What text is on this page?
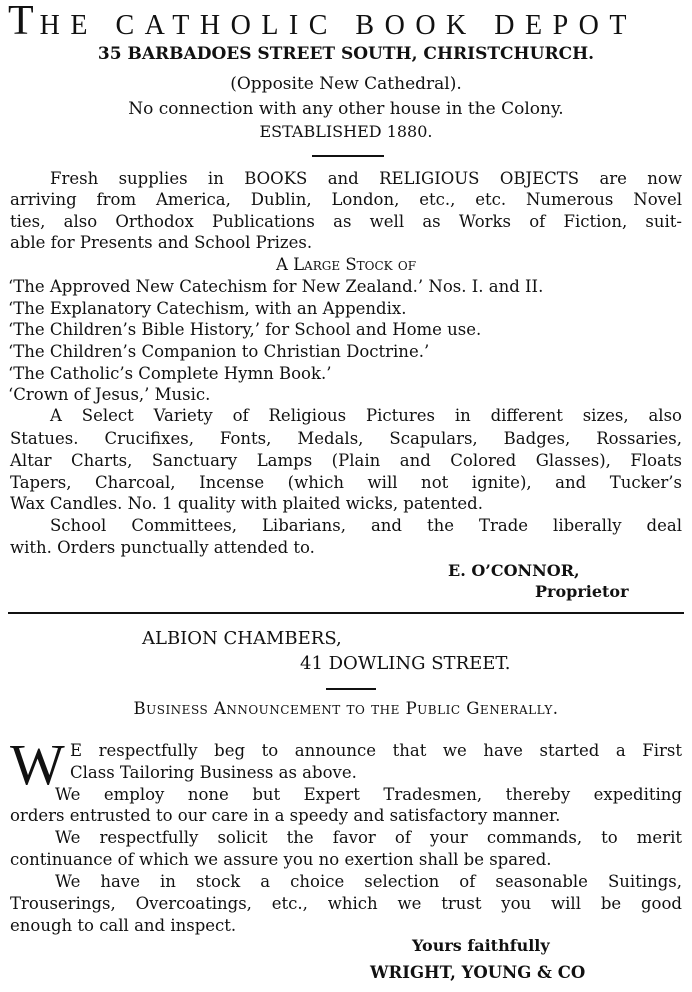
THE CATHOLIC BOOK DEPOT
35 BARBADOES STREET SOUTH, CHRISTCHURCH.
(Opposite New Cathedral).
No connection with any other house in the Colony.
ESTABLISHED 1880.
Fresh supplies in BOOKS and RELIGIOUS OBJECTS are now
arriving from America, Dublin, London, etc., etc. Numerous Novel
ties, also Orthodox Publications as well as Works of Fiction, suit-
able for Presents and School Prizes.
A Large Stock of
‘The Approved New Catechism for New Zealand.’ Nos. I. and II.
‘The Explanatory Catechism, with an Appendix.
‘The Children’s Bible History,’ for School and Home use.
‘The Children’s Companion to Christian Doctrine.’
‘The Catholic’s Complete Hymn Book.’
‘Crown of Jesus,’ Music.
A Select Variety of Religious Pictures in different sizes, also
Statues. Crucifixes, Fonts, Medals, Scapulars, Badges, Rossaries,
Altar Charts, Sanctuary Lamps (Plain and Colored Glasses), Floats
Tapers, Charcoal, Incense (which will not ignite), and Tucker’s
Wax Candles. No. 1 quality with plaited wicks, patented.
School Committees, Libarians, and the Trade liberally deal
with. Orders punctually attended to.
E. O’CONNOR,
Proprietor
ALBION CHAMBERS,
41 DOWLING STREET.
Business Announcement to the Public Generally.
W E respectfully beg to announce that we have started a First
Class Tailoring Business as above.
We employ none but Expert Tradesmen, thereby expediting
orders entrusted to our care in a speedy and satisfactory manner.
We respectfully solicit the favor of your commands, to merit
continuance of which we assure you no exertion shall be spared.
We have in stock a choice selection of seasonable Suitings,
Trouserings, Overcoatings, etc., which we trust you will be good
enough to call and inspect.
Yours faithfully
WRIGHT, YOUNG & CO
